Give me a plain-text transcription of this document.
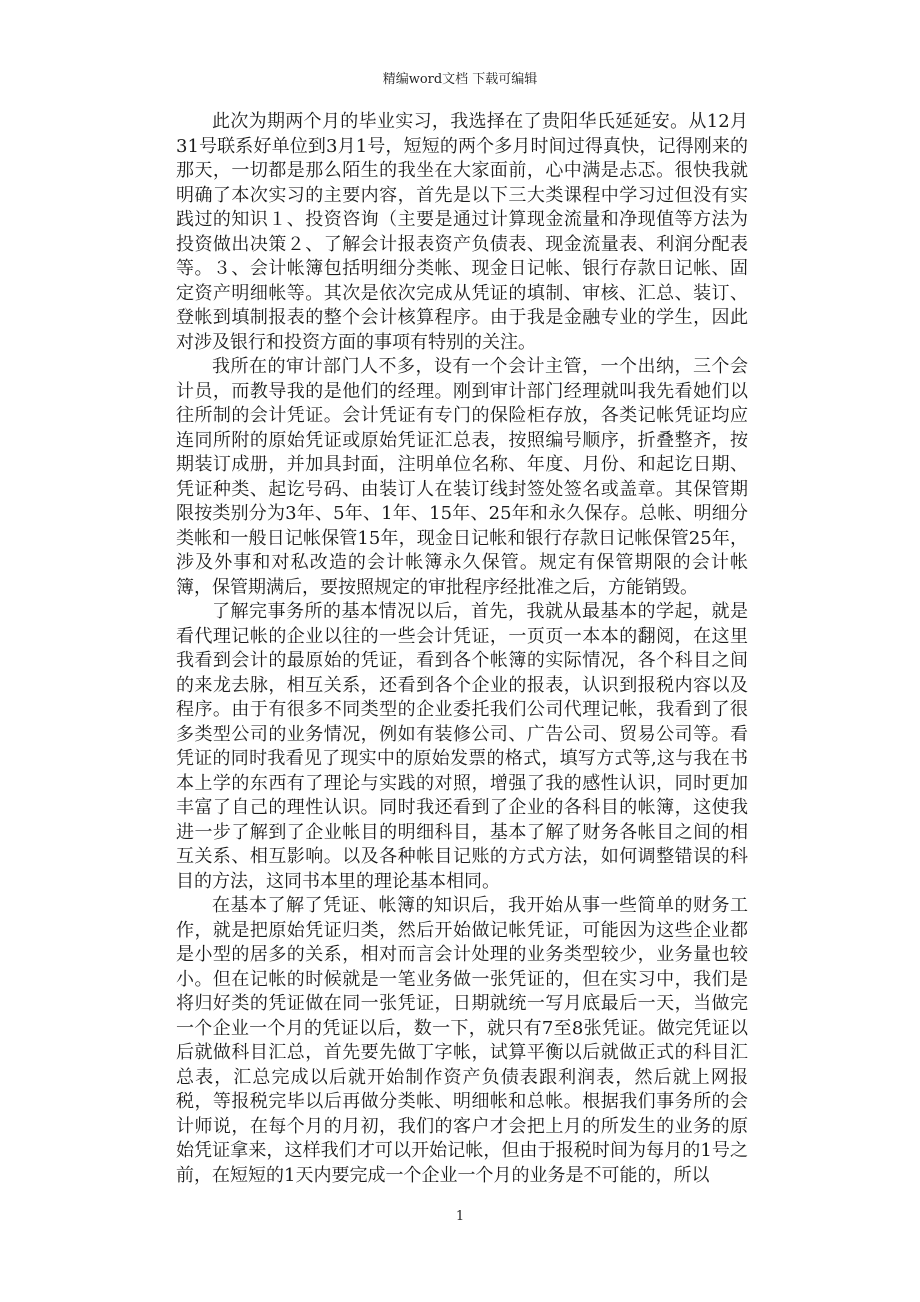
精编word文档 下载可编辑

此次为期两个月的毕业实习，我选择在了贵阳华氏延延安。从12月31号联系好单位到3月1号，短短的两个多月时间过得真快，记得刚来的那天，一切都是那么陌生的我坐在大家面前，心中满是忐忑。很快我就明确了本次实习的主要内容，首先是以下三大类课程中学习过但没有实践过的知识１、投资咨询（主要是通过计算现金流量和净现值等方法为投资做出决策２、了解会计报表资产负债表、现金流量表、利润分配表等。３、会计帐簿包括明细分类帐、现金日记帐、银行存款日记帐、固定资产明细帐等。其次是依次完成从凭证的填制、审核、汇总、装订、登帐到填制报表的整个会计核算程序。由于我是金融专业的学生，因此对涉及银行和投资方面的事项有特别的关注。

我所在的审计部门人不多，设有一个会计主管，一个出纳，三个会计员，而教导我的是他们的经理。刚到审计部门经理就叫我先看她们以往所制的会计凭证。会计凭证有专门的保险柜存放，各类记帐凭证均应连同所附的原始凭证或原始凭证汇总表，按照编号顺序，折叠整齐，按期装订成册，并加具封面，注明单位名称、年度、月份、和起讫日期、凭证种类、起讫号码、由装订人在装订线封签处签名或盖章。其保管期限按类别分为3年、5年、1年、15年、25年和永久保存。总帐、明细分类帐和一般日记帐保管15年，现金日记帐和银行存款日记帐保管25年，涉及外事和对私改造的会计帐簿永久保管。规定有保管期限的会计帐簿，保管期满后，要按照规定的审批程序经批准之后，方能销毁。

了解完事务所的基本情况以后，首先，我就从最基本的学起，就是看代理记帐的企业以往的一些会计凭证，一页页一本本的翻阅，在这里我看到会计的最原始的凭证，看到各个帐簿的实际情况，各个科目之间的来龙去脉，相互关系，还看到各个企业的报表，认识到报税内容以及程序。由于有很多不同类型的企业委托我们公司代理记帐，我看到了很多类型公司的业务情况，例如有装修公司、广告公司、贸易公司等。看凭证的同时我看见了现实中的原始发票的格式，填写方式等,这与我在书本上学的东西有了理论与实践的对照，增强了我的感性认识，同时更加丰富了自己的理性认识。同时我还看到了企业的各科目的帐簿，这使我进一步了解到了企业帐目的明细科目，基本了解了财务各帐目之间的相互关系、相互影响。以及各种帐目记账的方式方法，如何调整错误的科目的方法，这同书本里的理论基本相同。

在基本了解了凭证、帐簿的知识后，我开始从事一些简单的财务工作，就是把原始凭证归类，然后开始做记帐凭证，可能因为这些企业都是小型的居多的关系，相对而言会计处理的业务类型较少，业务量也较小。但在记帐的时候就是一笔业务做一张凭证的，但在实习中，我们是将归好类的凭证做在同一张凭证，日期就统一写月底最后一天，当做完一个企业一个月的凭证以后，数一下，就只有7至8张凭证。做完凭证以后就做科目汇总，首先要先做丁字帐，试算平衡以后就做正式的科目汇总表，汇总完成以后就开始制作资产负债表跟利润表，然后就上网报税，等报税完毕以后再做分类帐、明细帐和总帐。根据我们事务所的会计师说，在每个月的月初，我们的客户才会把上月的所发生的业务的原始凭证拿来，这样我们才可以开始记帐，但由于报税时间为每月的1号之前，在短短的1天内要完成一个企业一个月的业务是不可能的，所以

1
